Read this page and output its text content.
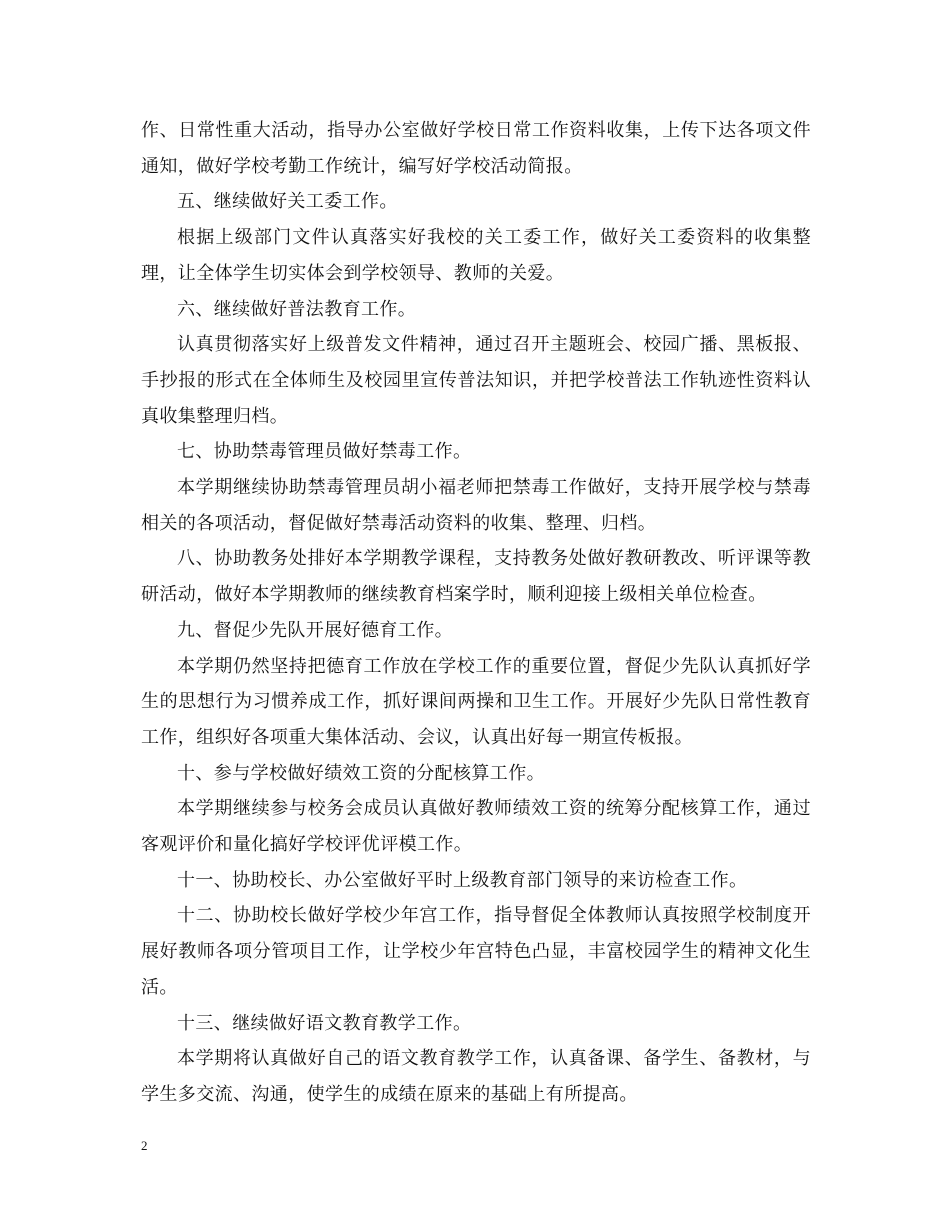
作、日常性重大活动，指导办公室做好学校日常工作资料收集，上传下达各项文件通知，做好学校考勤工作统计，编写好学校活动简报。

五、继续做好关工委工作。

根据上级部门文件认真落实好我校的关工委工作，做好关工委资料的收集整理，让全体学生切实体会到学校领导、教师的关爱。

六、继续做好普法教育工作。

认真贯彻落实好上级普发文件精神，通过召开主题班会、校园广播、黑板报、手抄报的形式在全体师生及校园里宣传普法知识，并把学校普法工作轨迹性资料认真收集整理归档。

七、协助禁毒管理员做好禁毒工作。

本学期继续协助禁毒管理员胡小福老师把禁毒工作做好，支持开展学校与禁毒相关的各项活动，督促做好禁毒活动资料的收集、整理、归档。

八、协助教务处排好本学期教学课程，支持教务处做好教研教改、听评课等教研活动，做好本学期教师的继续教育档案学时，顺利迎接上级相关单位检查。

九、督促少先队开展好德育工作。

本学期仍然坚持把德育工作放在学校工作的重要位置，督促少先队认真抓好学生的思想行为习惯养成工作，抓好课间两操和卫生工作。开展好少先队日常性教育工作，组织好各项重大集体活动、会议，认真出好每一期宣传板报。

十、参与学校做好绩效工资的分配核算工作。

本学期继续参与校务会成员认真做好教师绩效工资的统筹分配核算工作，通过客观评价和量化搞好学校评优评模工作。

十一、协助校长、办公室做好平时上级教育部门领导的来访检查工作。

十二、协助校长做好学校少年宫工作，指导督促全体教师认真按照学校制度开展好教师各项分管项目工作，让学校少年宫特色凸显，丰富校园学生的精神文化生活。

十三、继续做好语文教育教学工作。

本学期将认真做好自己的语文教育教学工作，认真备课、备学生、备教材，与学生多交流、沟通，使学生的成绩在原来的基础上有所提高。

2
